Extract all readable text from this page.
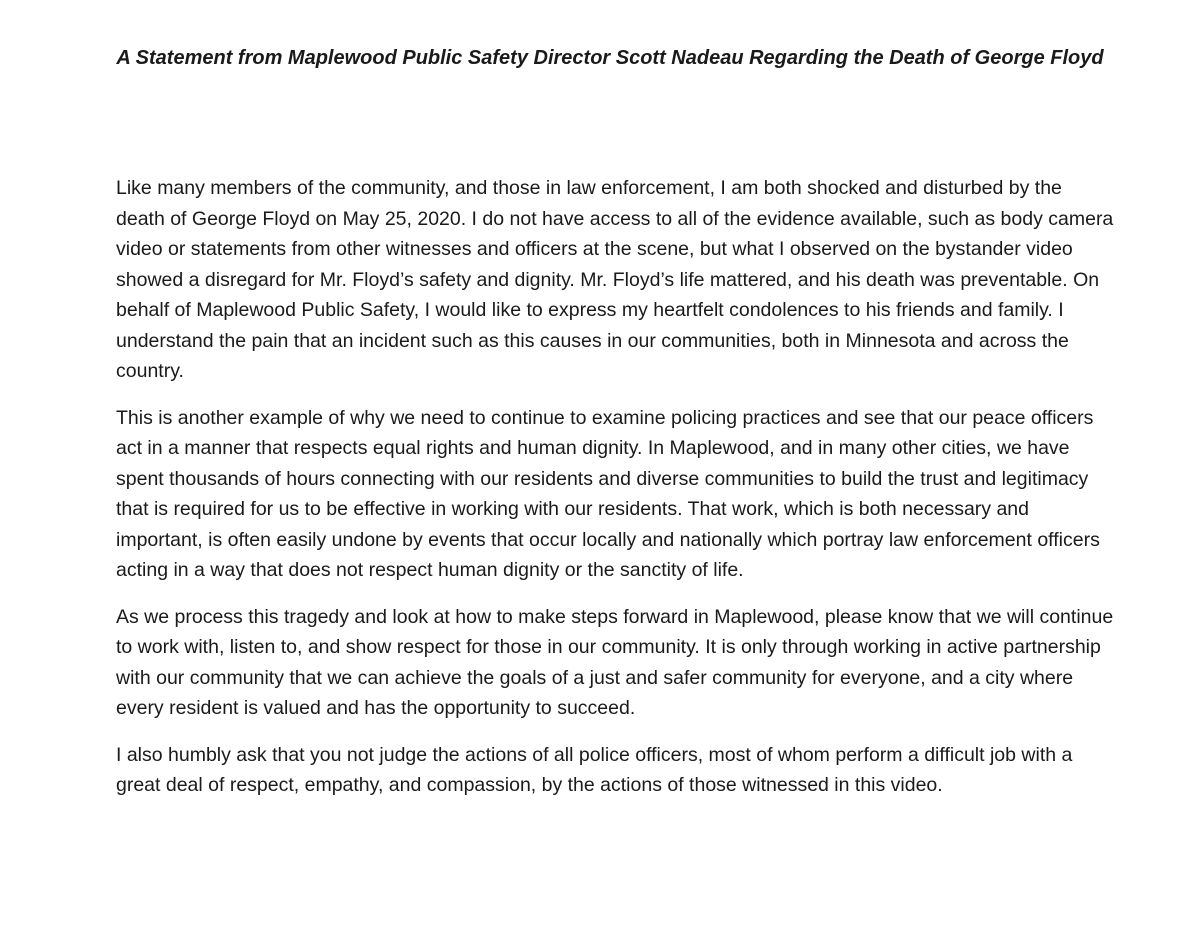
A Statement from Maplewood Public Safety Director Scott Nadeau Regarding the Death of George Floyd

Like many members of the community, and those in law enforcement, I am both shocked and disturbed by the death of George Floyd on May 25, 2020. I do not have access to all of the evidence available, such as body camera video or statements from other witnesses and officers at the scene, but what I observed on the bystander video showed a disregard for Mr. Floyd’s safety and dignity. Mr. Floyd’s life mattered, and his death was preventable. On behalf of Maplewood Public Safety, I would like to express my heartfelt condolences to his friends and family. I understand the pain that an incident such as this causes in our communities, both in Minnesota and across the country.

This is another example of why we need to continue to examine policing practices and see that our peace officers act in a manner that respects equal rights and human dignity. In Maplewood, and in many other cities, we have spent thousands of hours connecting with our residents and diverse communities to build the trust and legitimacy that is required for us to be effective in working with our residents. That work, which is both necessary and important, is often easily undone by events that occur locally and nationally which portray law enforcement officers acting in a way that does not respect human dignity or the sanctity of life.

As we process this tragedy and look at how to make steps forward in Maplewood, please know that we will continue to work with, listen to, and show respect for those in our community. It is only through working in active partnership with our community that we can achieve the goals of a just and safer community for everyone, and a city where every resident is valued and has the opportunity to succeed.

I also humbly ask that you not judge the actions of all police officers, most of whom perform a difficult job with a great deal of respect, empathy, and compassion, by the actions of those witnessed in this video.
